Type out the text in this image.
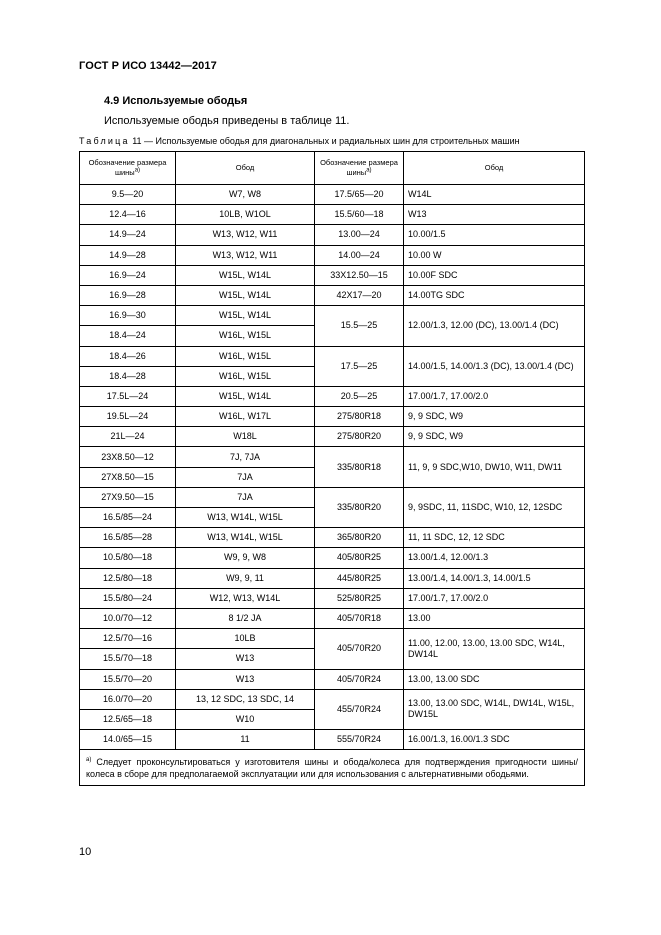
ГОСТ Р ИСО 13442—2017
4.9 Используемые ободья
Используемые ободья приведены в таблице 11.
Таблица 11 — Используемые ободья для диагональных и радиальных шин для строительных машин
Обозначение размера шины$^{a)}$	Обод	Обозначение размера шины$^{a)}$	Обод
9.5—20	W7, W8	17.5/65—20	W14L
12.4—16	10LB, W1OL	15.5/60—18	W13
14.9—24	W13, W12, W11	13.00—24	10.00/1.5
14.9—28	W13, W12, W11	14.00—24	10.00 W
16.9—24	W15L, W14L	33X12.50—15	10.00F SDC
16.9—28	W15L, W14L	42X17—20	14.00TG SDC
16.9—30	W15L, W14L	15.5—25	12.00/1.3, 12.00 (DC), 13.00/1.4 (DC)
18.4—24	W16L, W15L		
18.4—26	W16L, W15L	17.5—25	14.00/1.5, 14.00/1.3 (DC), 13.00/1.4 (DC)
18.4—28	W16L, W15L		
17.5L—24	W15L, W14L	20.5—25	17.00/1.7, 17.00/2.0
19.5L—24	W16L, W17L	275/80R18	9, 9 SDC, W9
21L—24	W18L	275/80R20	9, 9 SDC, W9
23X8.50—12	7J, 7JA	335/80R18	11, 9, 9 SDC,W10, DW10, W11, DW11
27X8.50—15	7JA		
27X9.50—15	7JA	335/80R20	9, 9SDC, 11, 11SDC, W10, 12, 12SDC
16.5/85—24	W13, W14L, W15L		
16.5/85—28	W13, W14L, W15L	365/80R20	11, 11 SDC, 12, 12 SDC
10.5/80—18	W9, 9, W8	405/80R25	13.00/1.4, 12.00/1.3
12.5/80—18	W9, 9, 11	445/80R25	13.00/1.4, 14.00/1.3, 14.00/1.5
15.5/80—24	W12, W13, W14L	525/80R25	17.00/1.7, 17.00/2.0
10.0/70—12	8 1/2 JA	405/70R18	13.00
12.5/70—16	10LB	405/70R20	11.00, 12.00, 13.00, 13.00 SDC, W14L, DW14L
15.5/70—18	W13		
15.5/70—20	W13	405/70R24	13.00, 13.00 SDC
16.0/70—20	13, 12 SDC, 13 SDC, 14	455/70R24	13.00, 13.00 SDC, W14L, DW14L, W15L, DW15L
12.5/65—18	W10		
14.0/65—15	11	555/70R24	16.00/1.3, 16.00/1.3 SDC
$^{a)}$ Следует проконсультироваться у изготовителя шины и обода/колеса для подтверждения пригодности шины/колеса в сборе для предполагаемой эксплуатации или для использования с альтернативными ободьями.			
10
